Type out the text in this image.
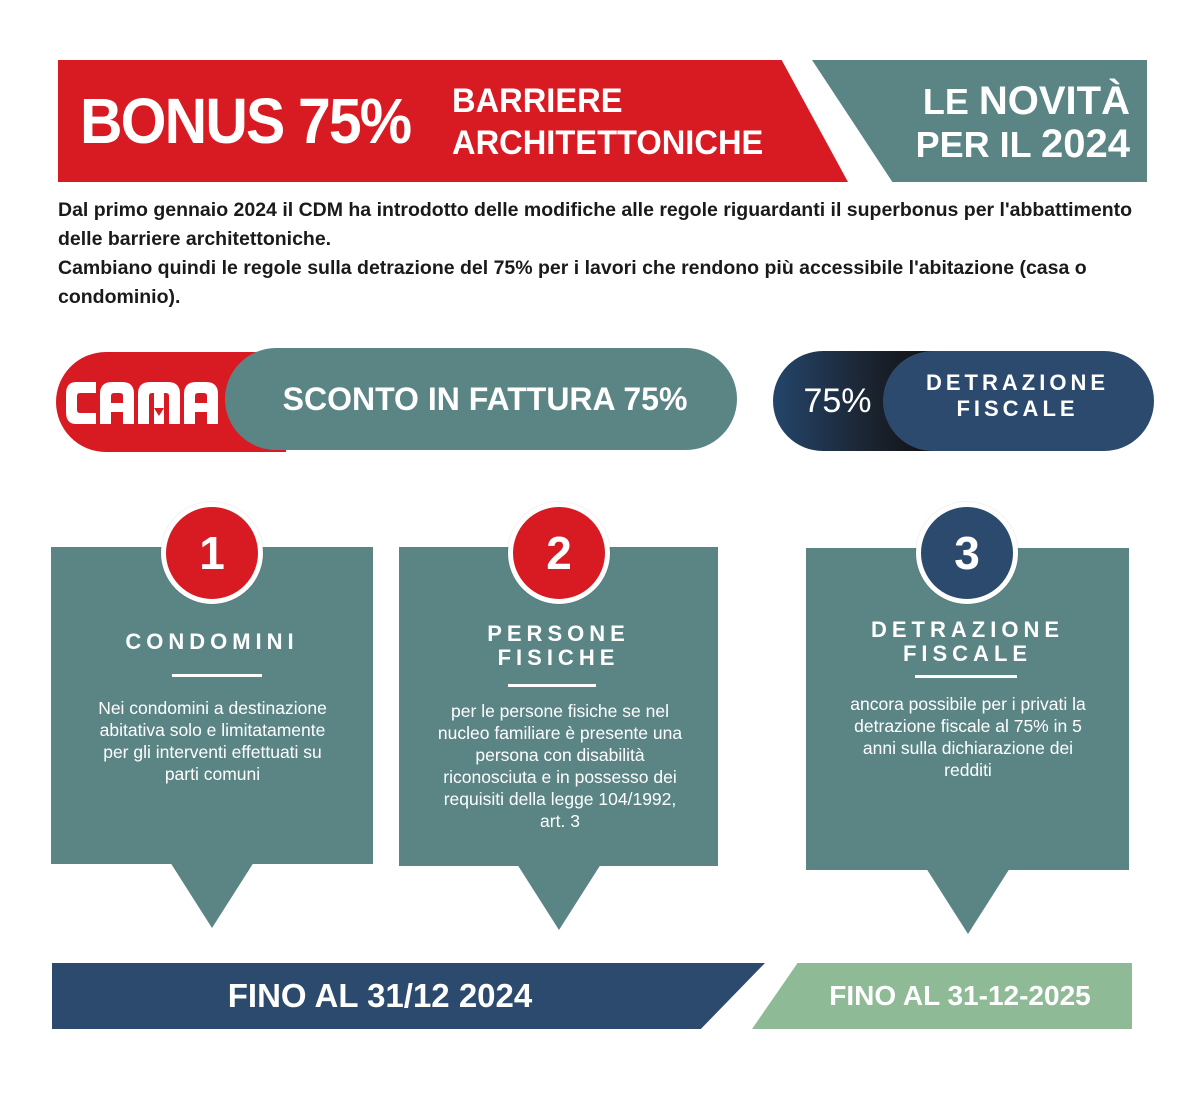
BONUS 75% BARRIERE
ARCHITETTONICHE
LE NOVITÀ
PER IL 2024

Dal primo gennaio 2024 il CDM ha introdotto delle modifiche alle regole riguardanti il superbonus per l'abbattimento delle barriere architettoniche.

Cambiano quindi le regole sulla detrazione del 75% per i lavori che rendono più accessibile l'abitazione (casa o condominio).

SCONTO IN FATTURA 75%	75%	DETRAZIONE
FISCALE
1
CONDOMINI
Nei condomini a destinazione abitativa solo e limitatamente per gli interventi effettuati su parti comuni
2
PERSONE
FISICHE
per le persone fisiche se nel nucleo familiare è presente una persona con disabilità riconosciuta e in possesso dei requisiti della legge 104/1992, art. 3
3
DETRAZIONE
FISCALE
ancora possibile per i privati la detrazione fiscale al 75% in 5 anni sulla dichiarazione dei redditi
FINO AL 31/12 2024	FINO AL 31-12-2025
